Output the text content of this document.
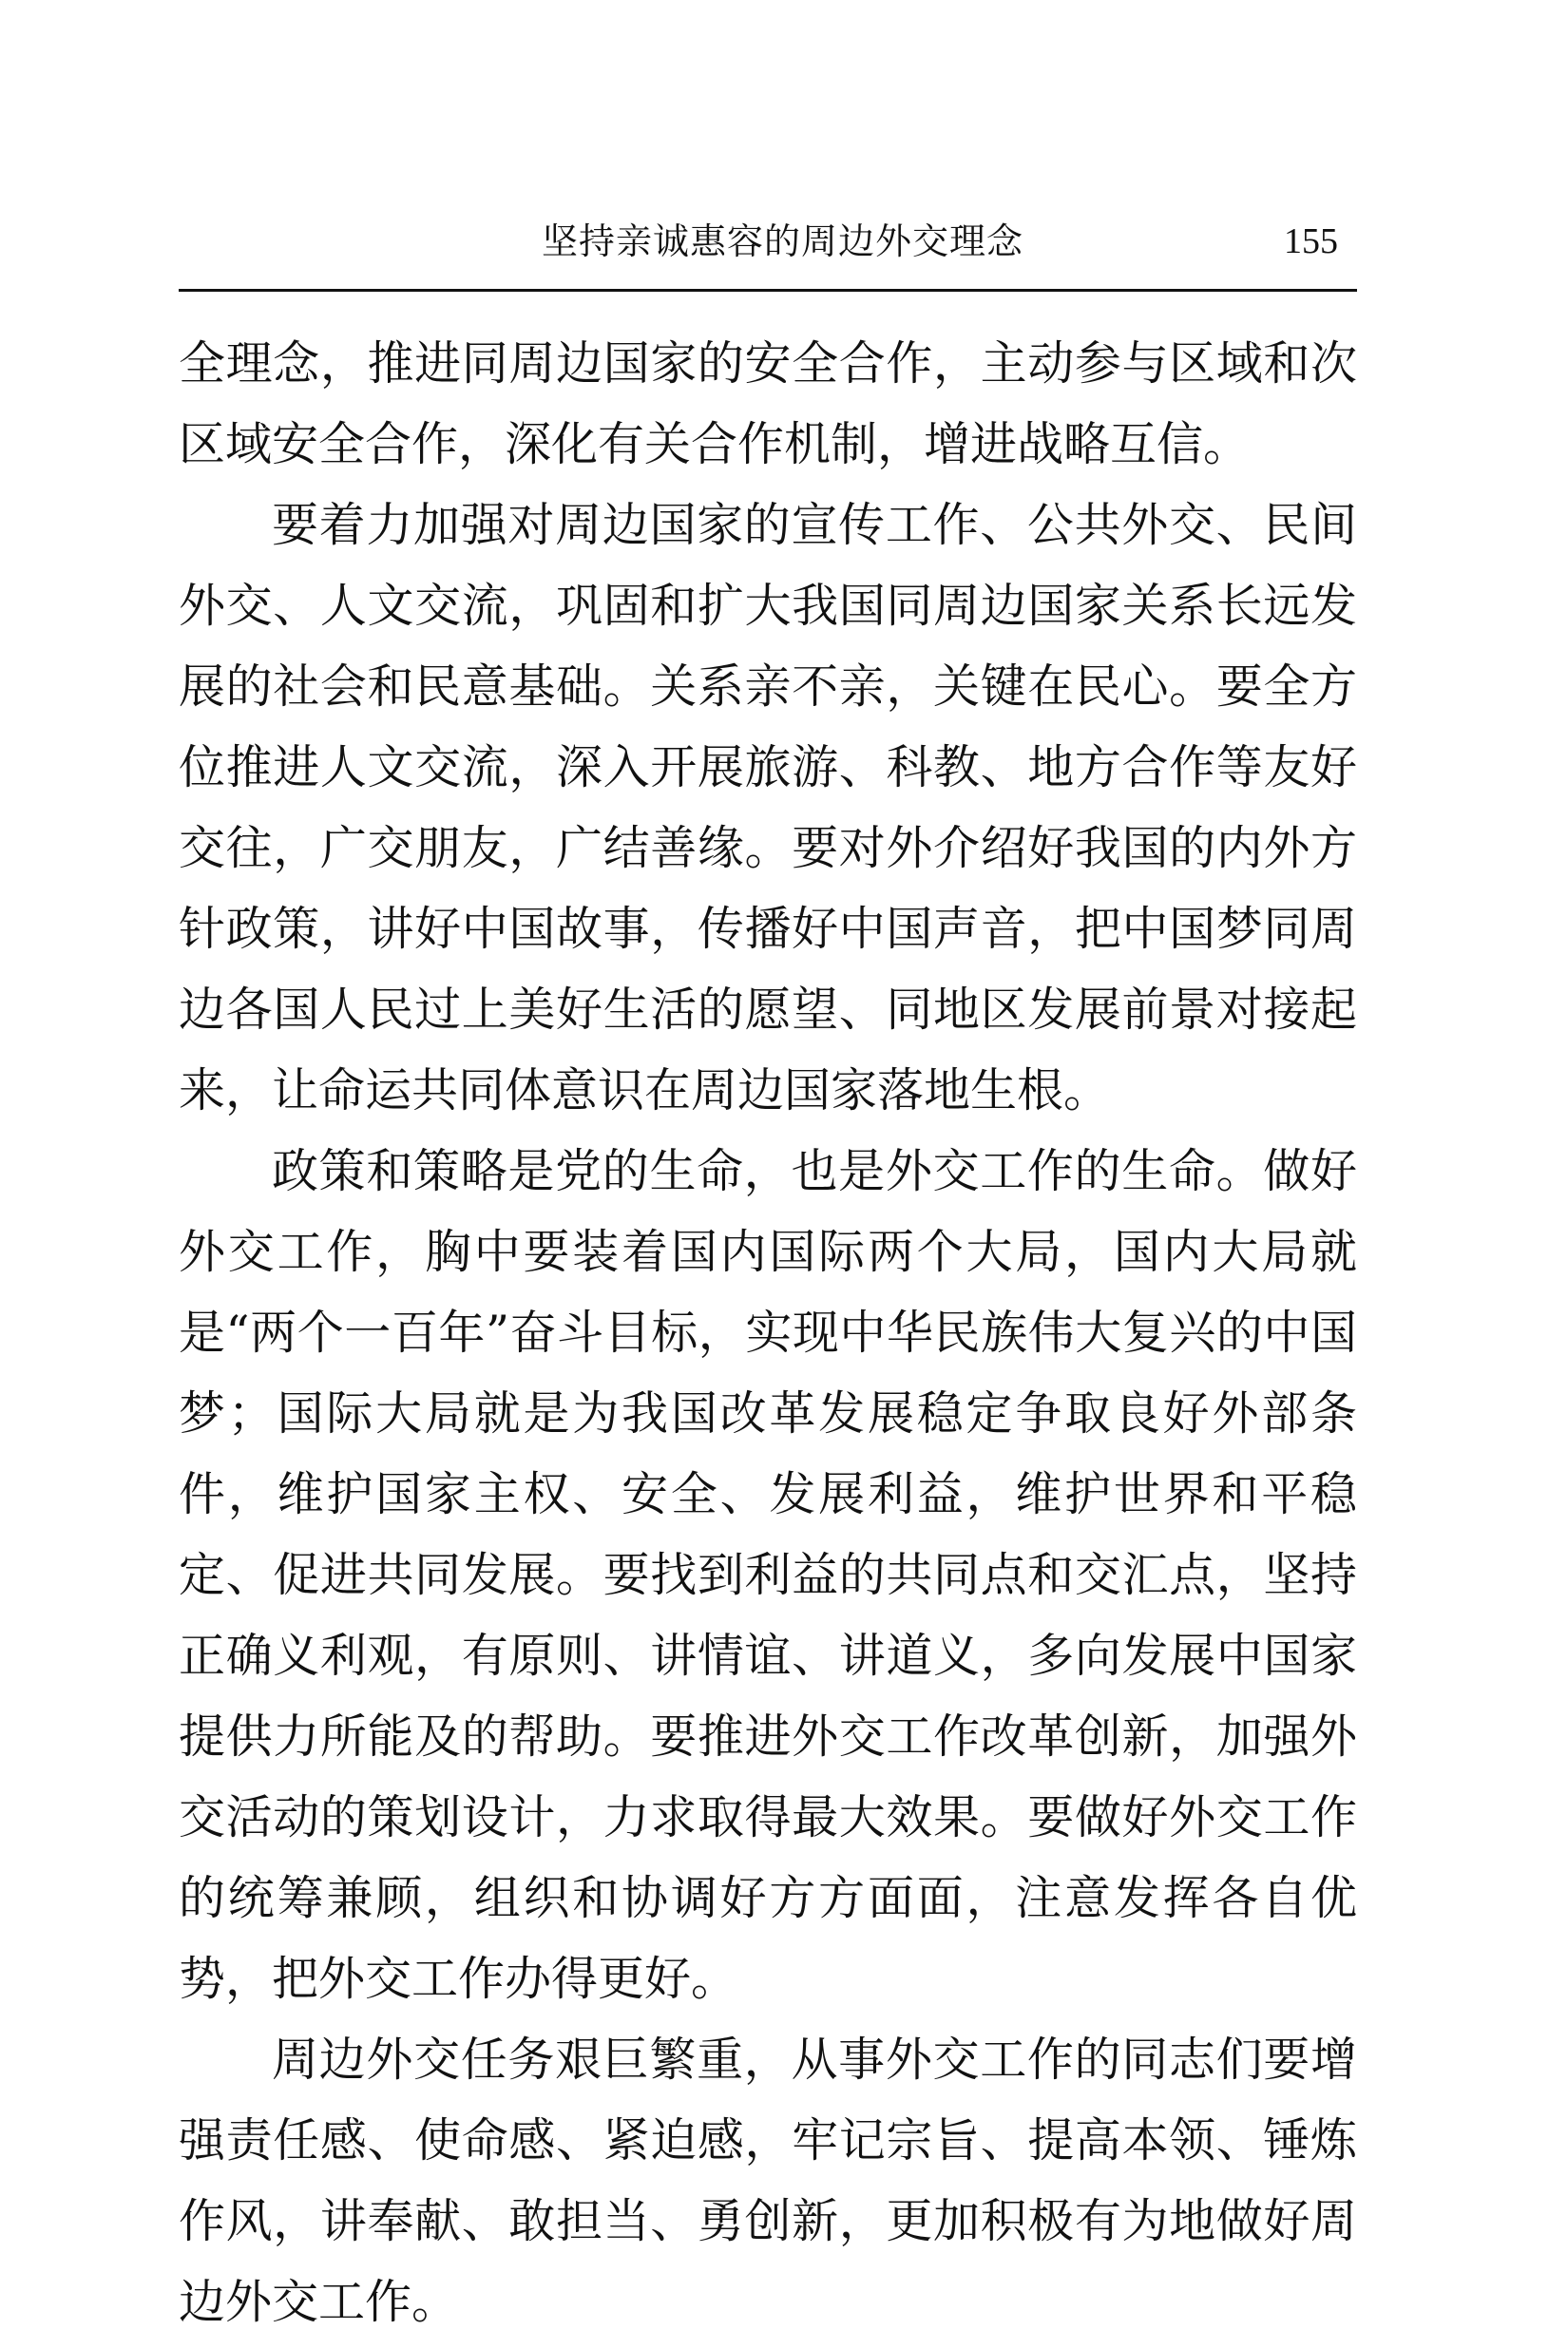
坚持亲诚惠容的周边外交理念	155

全理念，推进同周边国家的安全合作，主动参与区域和次区域安全合作，深化有关合作机制，增进战略互信。

要着力加强对周边国家的宣传工作、公共外交、民间外交、人文交流，巩固和扩大我国同周边国家关系长远发展的社会和民意基础。关系亲不亲，关键在民心。要全方位推进人文交流，深入开展旅游、科教、地方合作等友好交往，广交朋友，广结善缘。要对外介绍好我国的内外方针政策，讲好中国故事，传播好中国声音，把中国梦同周边各国人民过上美好生活的愿望、同地区发展前景对接起来，让命运共同体意识在周边国家落地生根。

政策和策略是党的生命，也是外交工作的生命。做好外交工作，胸中要装着国内国际两个大局，国内大局就是“两个一百年”奋斗目标，实现中华民族伟大复兴的中国梦；国际大局就是为我国改革发展稳定争取良好外部条件，维护国家主权、安全、发展利益，维护世界和平稳定、促进共同发展。要找到利益的共同点和交汇点，坚持正确义利观，有原则、讲情谊、讲道义，多向发展中国家提供力所能及的帮助。要推进外交工作改革创新，加强外交活动的策划设计，力求取得最大效果。要做好外交工作的统筹兼顾，组织和协调好方方面面，注意发挥各自优势，把外交工作办得更好。

周边外交任务艰巨繁重，从事外交工作的同志们要增强责任感、使命感、紧迫感，牢记宗旨、提高本领、锤炼作风，讲奉献、敢担当、勇创新，更加积极有为地做好周边外交工作。
